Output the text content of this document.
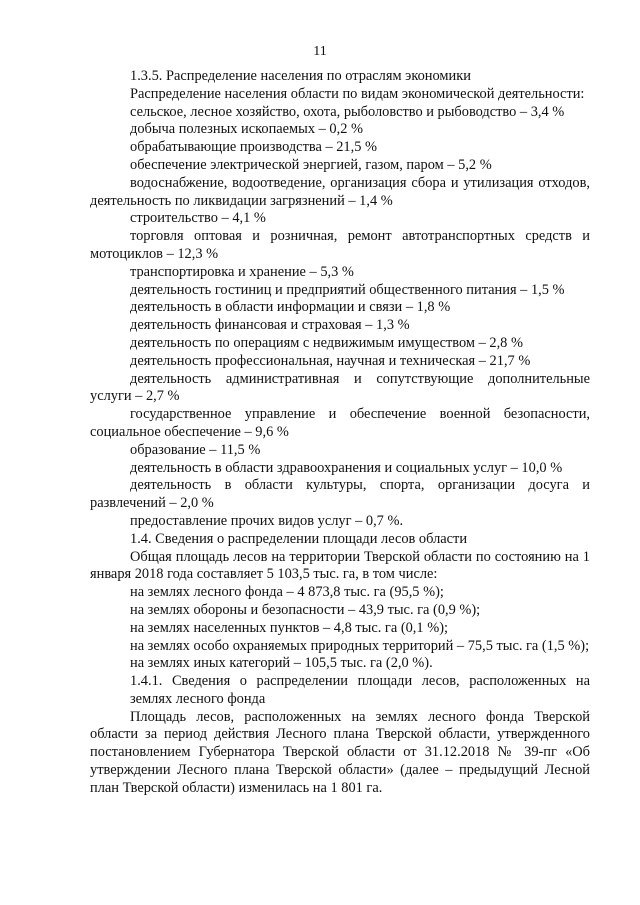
11

1.3.5. Распределение населения по отраслям экономики

Распределение населения области по видам экономической деятельности:

сельское, лесное хозяйство, охота, рыболовство и рыбоводство – 3,4 %

добыча полезных ископаемых – 0,2 %

обрабатывающие производства – 21,5 %

обеспечение электрической энергией, газом, паром – 5,2 %

водоснабжение, водоотведение, организация сбора и утилизация отходов, деятельность по ликвидации загрязнений – 1,4 %

строительство – 4,1 %

торговля оптовая и розничная, ремонт автотранспортных средств и мотоциклов – 12,3 %

транспортировка и хранение – 5,3 %

деятельность гостиниц и предприятий общественного питания – 1,5 %

деятельность в области информации и связи – 1,8 %

деятельность финансовая и страховая – 1,3 %

деятельность по операциям с недвижимым имуществом – 2,8 %

деятельность профессиональная, научная и техническая – 21,7 %

деятельность административная и сопутствующие дополнительные услуги – 2,7 %

государственное управление и обеспечение военной безопасности, социальное обеспечение – 9,6 %

образование – 11,5 %

деятельность в области здравоохранения и социальных услуг – 10,0 %

деятельность в области культуры, спорта, организации досуга и развлечений – 2,0 %

предоставление прочих видов услуг – 0,7 %.

1.4. Сведения о распределении площади лесов области

Общая площадь лесов на территории Тверской области по состоянию на 1 января 2018 года составляет 5 103,5 тыс. га, в том числе:

на землях лесного фонда – 4 873,8 тыс. га (95,5 %);

на землях обороны и безопасности – 43,9 тыс. га (0,9 %);

на землях населенных пунктов – 4,8 тыс. га (0,1 %);

на землях особо охраняемых природных территорий – 75,5 тыс. га (1,5 %);

на землях иных категорий – 105,5 тыс. га (2,0 %).

1.4.1. Сведения о распределении площади лесов, расположенных на землях лесного фонда

Площадь лесов, расположенных на землях лесного фонда Тверской области за период действия Лесного плана Тверской области, утвержденного постановлением Губернатора Тверской области от 31.12.2018 № 39-пг «Об утверждении Лесного плана Тверской области» (далее – предыдущий Лесной план Тверской области) изменилась на 1 801 га.
